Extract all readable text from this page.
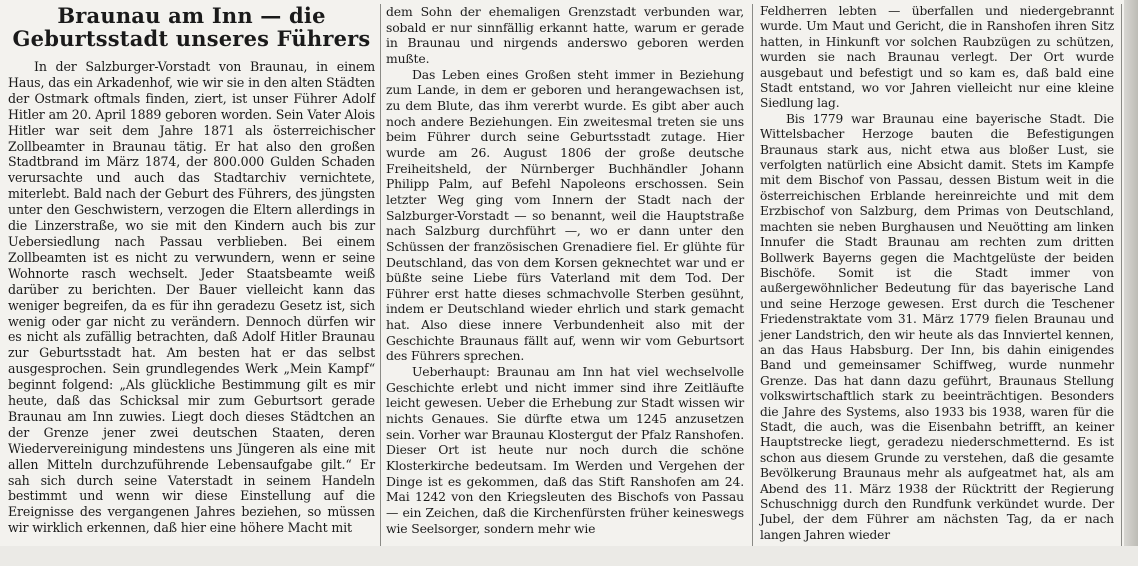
Braunau am Inn — die Geburtsstadt unseres Führers

In der Salzburger-Vorstadt von Braunau, in einem Haus, das ein Arkadenhof, wie wir sie in den alten Städten der Ostmark oftmals finden, ziert, ist unser Führer Adolf Hitler am 20. April 1889 geboren worden. Sein Vater Alois Hitler war seit dem Jahre 1871 als österreichischer Zollbeamter in Braunau tätig. Er hat also den großen Stadtbrand im März 1874, der 800.000 Gulden Schaden verursachte und auch das Stadtarchiv vernichtete, miterlebt. Bald nach der Geburt des Führers, des jüngsten unter den Geschwistern, verzogen die Eltern allerdings in die Linzerstraße, wo sie mit den Kindern auch bis zur Uebersiedlung nach Passau verblieben. Bei einem Zollbeamten ist es nicht zu verwundern, wenn er seine Wohnorte rasch wechselt. Jeder Staatsbeamte weiß darüber zu berichten. Der Bauer vielleicht kann das weniger begreifen, da es für ihn geradezu Gesetz ist, sich wenig oder gar nicht zu verändern. Dennoch dürfen wir es nicht als zufällig betrachten, daß Adolf Hitler Braunau zur Geburtsstadt hat. Am besten hat er das selbst ausgesprochen. Sein grundlegendes Werk „Mein Kampf“ beginnt folgend: „Als glückliche Bestimmung gilt es mir heute, daß das Schicksal mir zum Geburtsort gerade Braunau am Inn zuwies. Liegt doch dieses Städtchen an der Grenze jener zwei deutschen Staaten, deren Wiedervereinigung mindestens uns Jüngeren als eine mit allen Mitteln durchzuführende Lebensaufgabe gilt.“ Er sah sich durch seine Vaterstadt in seinem Handeln bestimmt und wenn wir diese Einstellung auf die Ereignisse des vergangenen Jahres beziehen, so müssen wir wirklich erkennen, daß hier eine höhere Macht mit

dem Sohn der ehemaligen Grenzstadt verbunden war, sobald er nur sinnfällig erkannt hatte, warum er gerade in Braunau und nirgends anderswo geboren werden mußte.

Das Leben eines Großen steht immer in Beziehung zum Lande, in dem er geboren und herangewachsen ist, zu dem Blute, das ihm vererbt wurde. Es gibt aber auch noch andere Beziehungen. Ein zweitesmal treten sie uns beim Führer durch seine Geburtsstadt zutage. Hier wurde am 26. August 1806 der große deutsche Freiheitsheld, der Nürnberger Buchhändler Johann Philipp Palm, auf Befehl Napoleons erschossen. Sein letzter Weg ging vom Innern der Stadt nach der Salzburger-Vorstadt — so benannt, weil die Hauptstraße nach Salzburg durchführt —, wo er dann unter den Schüssen der französischen Grenadiere fiel. Er glühte für Deutschland, das von dem Korsen geknechtet war und er büßte seine Liebe fürs Vaterland mit dem Tod. Der Führer erst hatte dieses schmachvolle Sterben gesühnt, indem er Deutschland wieder ehrlich und stark gemacht hat. Also diese innere Verbundenheit also mit der Geschichte Braunaus fällt auf, wenn wir vom Geburtsort des Führers sprechen.

Ueberhaupt: Braunau am Inn hat viel wechselvolle Geschichte erlebt und nicht immer sind ihre Zeitläufte leicht gewesen. Ueber die Erhebung zur Stadt wissen wir nichts Genaues. Sie dürfte etwa um 1245 anzusetzen sein. Vorher war Braunau Klostergut der Pfalz Ranshofen. Dieser Ort ist heute nur noch durch die schöne Klosterkirche bedeutsam. Im Werden und Vergehen der Dinge ist es gekommen, daß das Stift Ranshofen am 24. Mai 1242 von den Kriegsleuten des Bischofs von Passau — ein Zeichen, daß die Kirchenfürsten früher keineswegs wie Seelsorger, sondern mehr wie

Feldherren lebten — überfallen und niedergebrannt wurde. Um Maut und Gericht, die in Ranshofen ihren Sitz hatten, in Hinkunft vor solchen Raubzügen zu schützen, wurden sie nach Braunau verlegt. Der Ort wurde ausgebaut und befestigt und so kam es, daß bald eine Stadt entstand, wo vor Jahren vielleicht nur eine kleine Siedlung lag.

Bis 1779 war Braunau eine bayerische Stadt. Die Wittelsbacher Herzoge bauten die Befestigungen Braunaus stark aus, nicht etwa aus bloßer Lust, sie verfolgten natürlich eine Absicht damit. Stets im Kampfe mit dem Bischof von Passau, dessen Bistum weit in die österreichischen Erblande hereinreichte und mit dem Erzbischof von Salzburg, dem Primas von Deutschland, machten sie neben Burghausen und Neuötting am linken Innufer die Stadt Braunau am rechten zum dritten Bollwerk Bayerns gegen die Machtgelüste der beiden Bischöfe. Somit ist die Stadt immer von außergewöhnlicher Bedeutung für das bayerische Land und seine Herzoge gewesen. Erst durch die Teschener Friedenstraktate vom 31. März 1779 fielen Braunau und jener Landstrich, den wir heute als das Innviertel kennen, an das Haus Habsburg. Der Inn, bis dahin einigendes Band und gemeinsamer Schiffweg, wurde nunmehr Grenze. Das hat dann dazu geführt, Braunaus Stellung volkswirtschaftlich stark zu beeinträchtigen. Besonders die Jahre des Systems, also 1933 bis 1938, waren für die Stadt, die auch, was die Eisenbahn betrifft, an keiner Hauptstrecke liegt, geradezu niederschmetternd. Es ist schon aus diesem Grunde zu verstehen, daß die gesamte Bevölkerung Braunaus mehr als aufgeatmet hat, als am Abend des 11. März 1938 der Rücktritt der Regierung Schuschnigg durch den Rundfunk verkündet wurde. Der Jubel, der dem Führer am nächsten Tag, da er nach langen Jahren wieder
